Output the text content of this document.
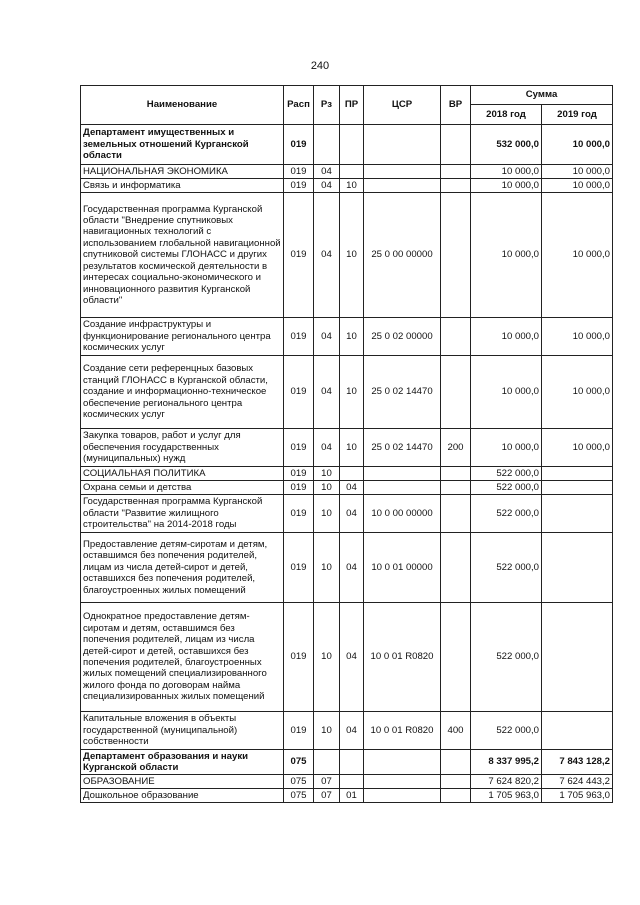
240
Наименование	Расп	Рз	ПР	ЦСР	ВР	Сумма	
						2018 год	2019 год
Департамент имущественных и земельных отношений Курганской области	019					532 000,0	10 000,0
НАЦИОНАЛЬНАЯ ЭКОНОМИКА	019	04				10 000,0	10 000,0
Связь и информатика	019	04	10			10 000,0	10 000,0
Государственная программа Курганской области "Внедрение спутниковых навигационных технологий с использованием глобальной навигационной спутниковой системы ГЛОНАСС и других результатов космической деятельности в интересах социально-экономического и инновационного развития Курганской области"	019	04	10	25 0 00 00000		10 000,0	10 000,0
Создание инфраструктуры и функционирование регионального центра космических услуг	019	04	10	25 0 02 00000		10 000,0	10 000,0
Создание сети референцных базовых станций ГЛОНАСС в Курганской области, создание и информационно-техническое обеспечение регионального центра космических услуг	019	04	10	25 0 02 14470		10 000,0	10 000,0
Закупка товаров, работ и услуг для обеспечения государственных (муниципальных) нужд	019	04	10	25 0 02 14470	200	10 000,0	10 000,0
СОЦИАЛЬНАЯ ПОЛИТИКА	019	10				522 000,0	
Охрана семьи и детства	019	10	04			522 000,0	
Государственная программа Курганской области "Развитие жилищного строительства" на 2014-2018 годы	019	10	04	10 0 00 00000		522 000,0	
Предоставление детям-сиротам и детям, оставшимся без попечения родителей, лицам из числа детей-сирот и детей, оставшихся без попечения родителей, благоустроенных жилых помещений	019	10	04	10 0 01 00000		522 000,0	
Однократное предоставление детям-сиротам и детям, оставшимся без попечения родителей, лицам из числа детей-сирот и детей, оставшихся без попечения родителей, благоустроенных жилых помещений специализированного жилого фонда по договорам найма специализированных жилых помещений	019	10	04	10 0 01 R0820		522 000,0	
Капитальные вложения в объекты государственной (муниципальной) собственности	019	10	04	10 0 01 R0820	400	522 000,0	
Департамент образования и науки Курганской области	075					8 337 995,2	7 843 128,2
ОБРАЗОВАНИЕ	075	07				7 624 820,2	7 624 443,2
Дошкольное образование	075	07	01			1 705 963,0	1 705 963,0
